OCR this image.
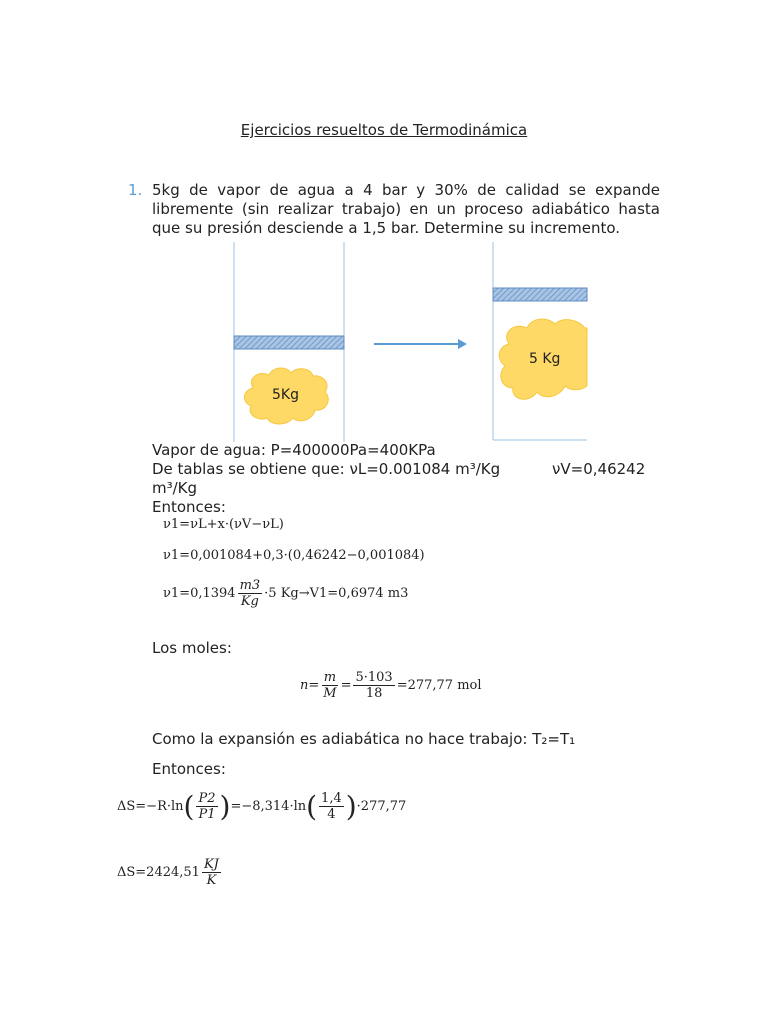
Ejercicios resueltos de Termodinámica
1. 5kg de vapor de agua a 4 bar y 30% de calidad se expande libremente (sin realizar trabajo) en un proceso adiabático hasta que su presión desciende a 1,5 bar. Determine su incremento.
5Kg
5 Kg
Vapor de agua: P=400000Pa=400KPa
De tablas se obtiene que: νL=0.001084 m³/Kg	νV=0,46242
m³/Kg
Entonces:
ν1=νL+x·(νV−νL)
ν1=0,001084+0,3·(0,46242−0,001084)
$\nu 1=0,1394 \frac{m3}{Kg} \cdot 5$ Kg→V1=0,6974 m3
Los moles:
$n= \frac{m}{M} = \frac{5\cdot 103}{18} =277,77$ mol
Como la expansión es adiabática no hace trabajo: T₂=T₁
Entonces:
ΔS=−R·ln ( $\frac{P2}{P1}$ ) =−8,314·ln ( $\frac{1,4}{4}$ ) ·277,77
$\Delta S=2424,51 \frac{KJ}{K}$
